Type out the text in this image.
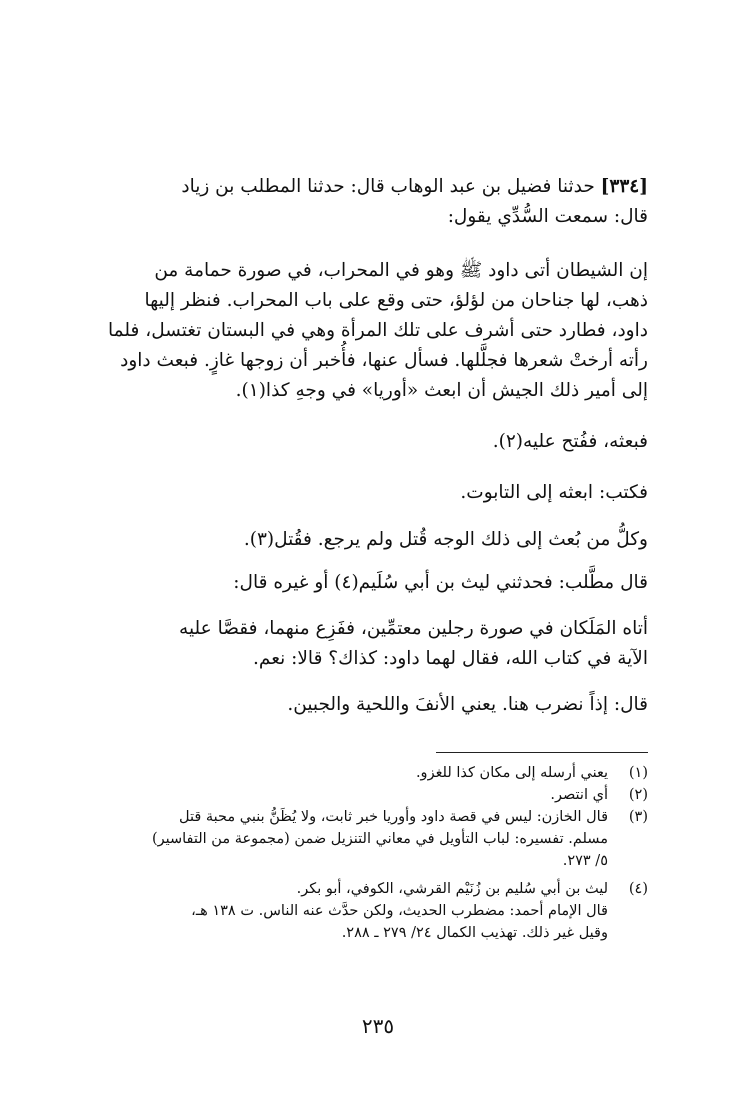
[٣٣٤] حدثنا فضيل بن عبد الوهاب قال: حدثنا المطلب بن زياد

قال: سمعت السُّدِّي يقول:

إن الشيطان أتى داود ﷺ وهو في المحراب، في صورة حمامة من
ذهب، لها جناحان من لؤلؤ، حتى وقع على باب المحراب. فنظر إليها
داود، فطارد حتى أشرف على تلك المرأة وهي في البستان تغتسل، فلما
رأته أرختْ شعرها فجلَّلها. فسأل عنها، فأُخبر أن زوجها غازٍ. فبعث داود
إلى أمير ذلك الجيش أن ابعث «أوريا» في وجهِ كذا(١).
فبعثه، ففُتح عليه(٢).
فكتب: ابعثه إلى التابوت.
وكلُّ من بُعث إلى ذلك الوجه قُتل ولم يرجع. فقُتل(٣).
قال مطَّلب: فحدثني ليث بن أبي سُلَيم(٤) أو غيره قال:
أتاه المَلَكان في صورة رجلين معتمِّين، ففَزِع منهما، فقصَّا عليه
الآية في كتاب الله، فقال لهما داود: كذاك؟ قالا: نعم.
قال: إذاً نضرب هنا. يعني الأنفَ واللحية والجبين.
(١)
يعني أرسله إلى مكان كذا للغزو.
(٢)
أي انتصر.
(٣)
قال الخازن: ليس في قصة داود وأوريا خبر ثابت، ولا يُظَنُّ بنبي محبة قتل
مسلم. تفسيره: لباب التأويل في معاني التنزيل ضمن (مجموعة من التفاسير)
٥/ ٢٧٣.
(٤)
ليث بن أبي سُليم بن زُنَيْم القرشي، الكوفي، أبو بكر.
قال الإمام أحمد: مضطرب الحديث، ولكن حدَّث عنه الناس. ت ١٣٨ هـ،
وقيل غير ذلك. تهذيب الكمال ٢٤/ ٢٧٩ ـ ٢٨٨.
٢٣٥
